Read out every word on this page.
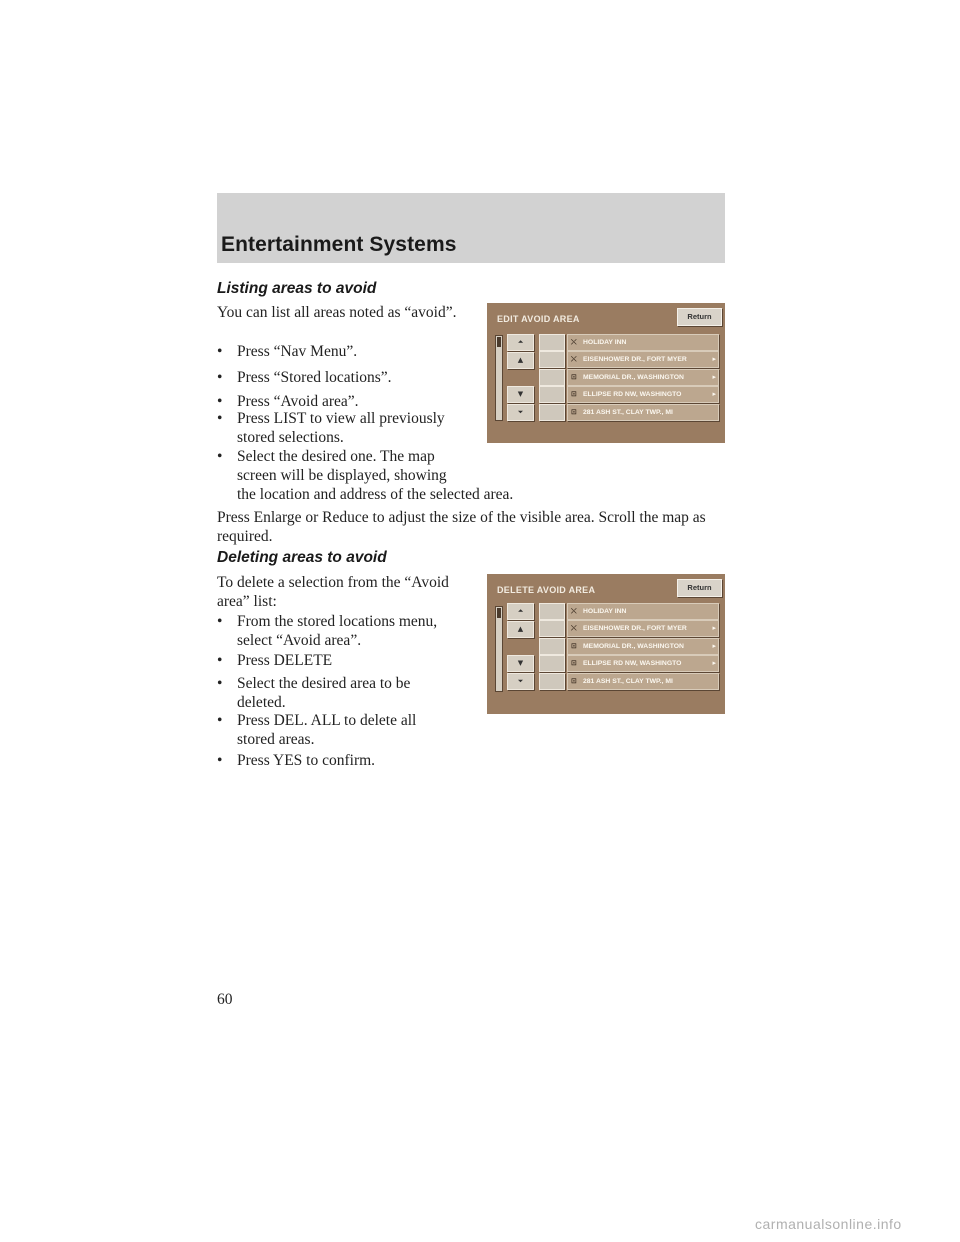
Entertainment Systems
Listing areas to avoid
You can list all areas noted as “avoid”.
• Press “Nav Menu”.
• Press “Stored locations”.
• Press “Avoid area”.
• Press LIST to view all previously
stored selections.
• Select the desired one. The map
screen will be displayed, showing
the location and address of the selected area.
Press Enlarge or Reduce to adjust the size of the visible area. Scroll the map as required.
Deleting areas to avoid
To delete a selection from the “Avoid area” list:
• From the stored locations menu,
select “Avoid area”.
• Press DELETE
• Select the desired area to be
deleted.
• Press DEL. ALL to delete all
stored areas.
• Press YES to confirm.
EDIT AVOID AREA	Return
⏶
▲
▼
⏷
⤬ HOLIDAY INN
⤬ EISENHOWER DR., FORT MYER	▸
⊡ MEMORIAL DR., WASHINGTON	▸
⊡ ELLIPSE RD NW, WASHINGTO	▸
⊡ 281 ASH ST., CLAY TWP., MI
DELETE AVOID AREA	Return
⏶
▲
▼
⏷
⤬ HOLIDAY INN
⤬ EISENHOWER DR., FORT MYER	▸
⊡ MEMORIAL DR., WASHINGTON	▸
⊡ ELLIPSE RD NW, WASHINGTO	▸
⊡ 281 ASH ST., CLAY TWP., MI
60
carmanualsonline.info
